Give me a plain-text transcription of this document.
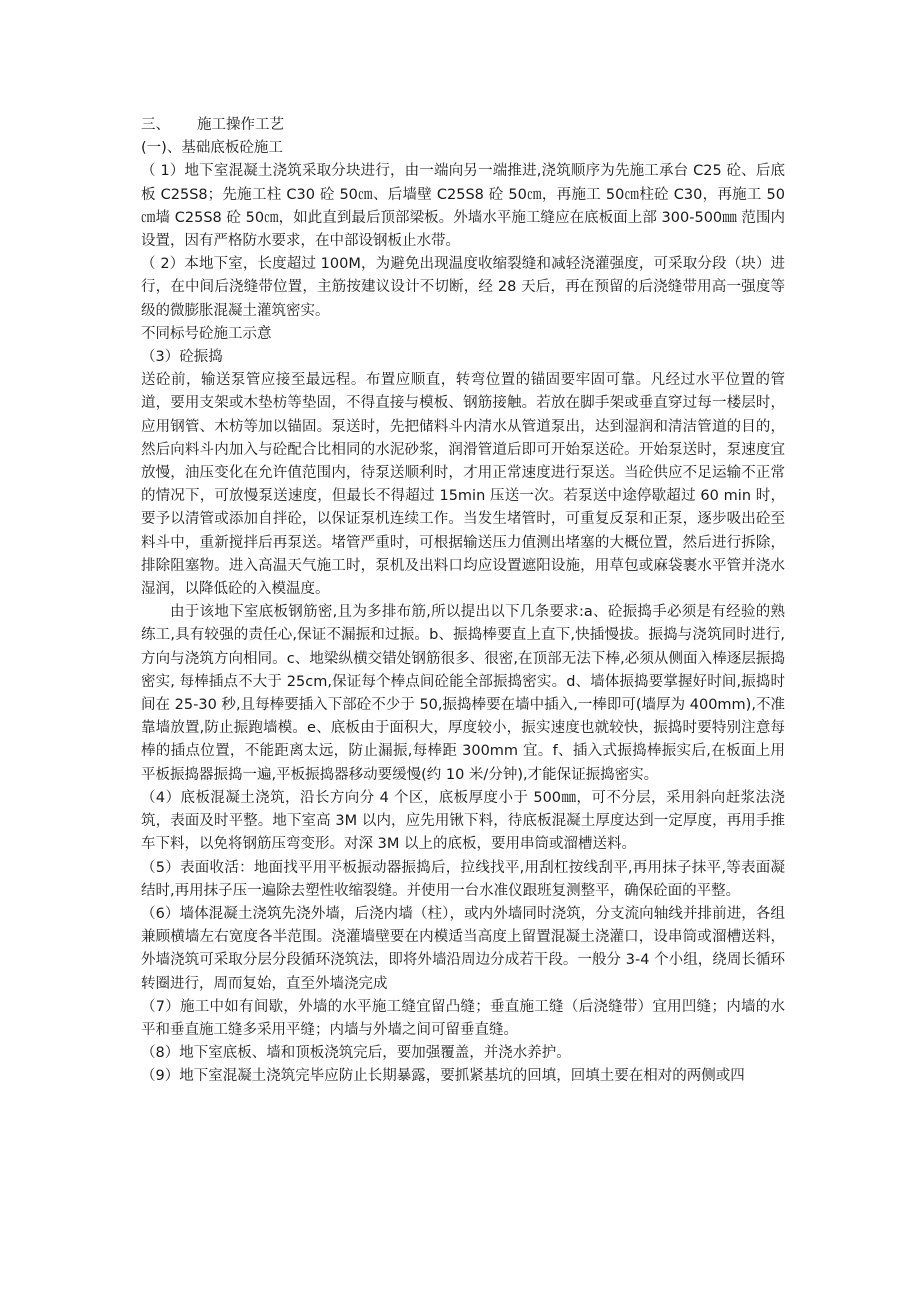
三、 施工操作工艺

(一)、基础底板砼施工

（ 1）地下室混凝土浇筑采取分块进行，由一端向另一端推进,浇筑顺序为先施工承台 C25 砼、后底板 C25S8；先施工柱 C30 砼 50㎝、后墙壁 C25S8 砼 50㎝，再施工 50㎝柱砼 C30，再施工 50㎝墙 C25S8 砼 50㎝，如此直到最后顶部梁板。外墙水平施工缝应在底板面上部 300-500㎜ 范围内设置，因有严格防水要求，在中部设钢板止水带。

（ 2）本地下室，长度超过 100M，为避免出现温度收缩裂缝和减轻浇灌强度，可采取分段（块）进行，在中间后浇缝带位置，主筋按建议设计不切断，经 28 天后，再在预留的后浇缝带用高一强度等级的微膨胀混凝土灌筑密实。

不同标号砼施工示意

（3）砼振捣

送砼前，输送泵管应接至最远程。布置应顺直，转弯位置的锚固要牢固可靠。凡经过水平位置的管道，要用支架或木垫枋等垫固，不得直接与模板、钢筋接触。若放在脚手架或垂直穿过每一楼层时，应用钢管、木枋等加以锚固。泵送时，先把储料斗内清水从管道泵出，达到湿润和清洁管道的目的，然后向料斗内加入与砼配合比相同的水泥砂浆，润滑管道后即可开始泵送砼。开始泵送时，泵速度宜放慢，油压变化在允许值范围内，待泵送顺利时，才用正常速度进行泵送。当砼供应不足运输不正常的情况下，可放慢泵送速度，但最长不得超过 15min 压送一次。若泵送中途停歇超过 60 min 时，要予以清管或添加自拌砼，以保证泵机连续工作。当发生堵管时，可重复反泵和正泵，逐步吸出砼至料斗中，重新搅拌后再泵送。堵管严重时，可根据输送压力值测出堵塞的大概位置，然后进行拆除，排除阻塞物。进入高温天气施工时，泵机及出料口均应设置遮阳设施，用草包或麻袋裹水平管并浇水湿润，以降低砼的入模温度。

由于该地下室底板钢筋密,且为多排布筋,所以提出以下几条要求:a、砼振捣手必须是有经验的熟练工,具有较强的责任心,保证不漏振和过振。b、振捣棒要直上直下,快插慢拔。振捣与浇筑同时进行,方向与浇筑方向相同。c、地梁纵横交错处钢筋很多、很密,在顶部无法下棒,必须从侧面入棒逐层振捣密实, 每棒插点不大于 25cm,保证每个棒点间砼能全部振捣密实。d、墙体振捣要掌握好时间,振捣时间在 25-30 秒,且每棒要插入下部砼不少于 50,振捣棒要在墙中插入,一棒即可(墙厚为 400mm),不准靠墙放置,防止振跑墙模。e、底板由于面积大，厚度较小，振实速度也就较快，振捣时要特别注意每棒的插点位置，不能距离太远，防止漏振,每棒距 300mm 宜。f、插入式振捣棒振实后,在板面上用平板振捣器振捣一遍,平板振捣器移动要缓慢(约 10 米/分钟),才能保证振捣密实。

（4）底板混凝土浇筑，沿长方向分 4 个区，底板厚度小于 500㎜，可不分层，采用斜向赶浆法浇筑，表面及时平整。地下室高 3M 以内，应先用锹下料，待底板混凝土厚度达到一定厚度，再用手推车下料，以免将钢筋压弯变形。对深 3M 以上的底板，要用串筒或溜槽送料。

（5）表面收活：地面找平用平板振动器振捣后，拉线找平,用刮杠按线刮平,再用抹子抹平,等表面凝结时,再用抹子压一遍除去塑性收缩裂缝。并使用一台水准仪跟班复测整平，确保砼面的平整。

（6）墙体混凝土浇筑先浇外墙，后浇内墙（柱），或内外墙同时浇筑，分支流向轴线并排前进，各组兼顾横墙左右宽度各半范围。浇灌墙壁要在内模适当高度上留置混凝土浇灌口，设串筒或溜槽送料，外墙浇筑可采取分层分段循环浇筑法，即将外墙沿周边分成若干段。一般分 3-4 个小组，绕周长循环转圈进行，周而复始，直至外墙浇完成

（7）施工中如有间歇，外墙的水平施工缝宜留凸缝；垂直施工缝（后浇缝带）宜用凹缝；内墙的水平和垂直施工缝多采用平缝；内墙与外墙之间可留垂直缝。

（8）地下室底板、墙和顶板浇筑完后，要加强覆盖，并浇水养护。

（9）地下室混凝土浇筑完毕应防止长期暴露，要抓紧基坑的回填，回填土要在相对的两侧或四
